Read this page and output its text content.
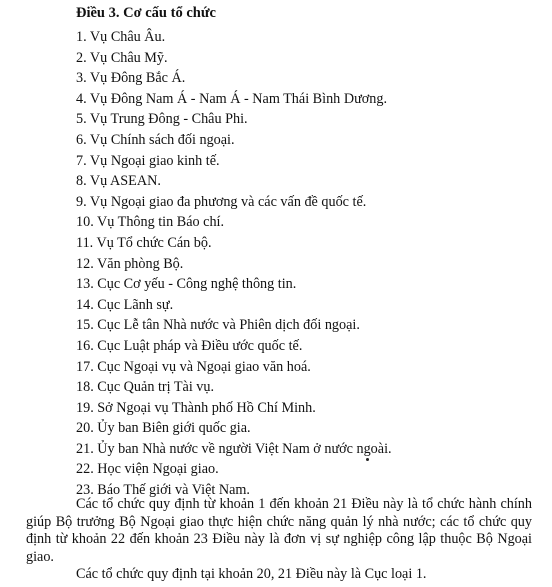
Điều 3. Cơ cấu tổ chức
1. Vụ Châu Âu.
2. Vụ Châu Mỹ.
3. Vụ Đông Bắc Á.
4. Vụ Đông Nam Á - Nam Á - Nam Thái Bình Dương.
5. Vụ Trung Đông - Châu Phi.
6. Vụ Chính sách đối ngoại.
7. Vụ Ngoại giao kinh tế.
8. Vụ ASEAN.
9. Vụ Ngoại giao đa phương và các vấn đề quốc tế.
10. Vụ Thông tin Báo chí.
11. Vụ Tổ chức Cán bộ.
12. Văn phòng Bộ.
13. Cục Cơ yếu - Công nghệ thông tin.
14. Cục Lãnh sự.
15. Cục Lễ tân Nhà nước và Phiên dịch đối ngoại.
16. Cục Luật pháp và Điều ước quốc tế.
17. Cục Ngoại vụ và Ngoại giao văn hoá.
18. Cục Quản trị Tài vụ.
19. Sở Ngoại vụ Thành phố Hồ Chí Minh.
20. Ủy ban Biên giới quốc gia.
21. Ủy ban Nhà nước về người Việt Nam ở nước ngoài.
22. Học viện Ngoại giao.
23. Báo Thế giới và Việt Nam.

Các tổ chức quy định từ khoản 1 đến khoản 21 Điều này là tổ chức hành chính giúp Bộ trưởng Bộ Ngoại giao thực hiện chức năng quản lý nhà nước; các tổ chức quy định từ khoản 22 đến khoản 23 Điều này là đơn vị sự nghiệp công lập thuộc Bộ Ngoại giao.

Các tổ chức quy định tại khoản 20, 21 Điều này là Cục loại 1.
